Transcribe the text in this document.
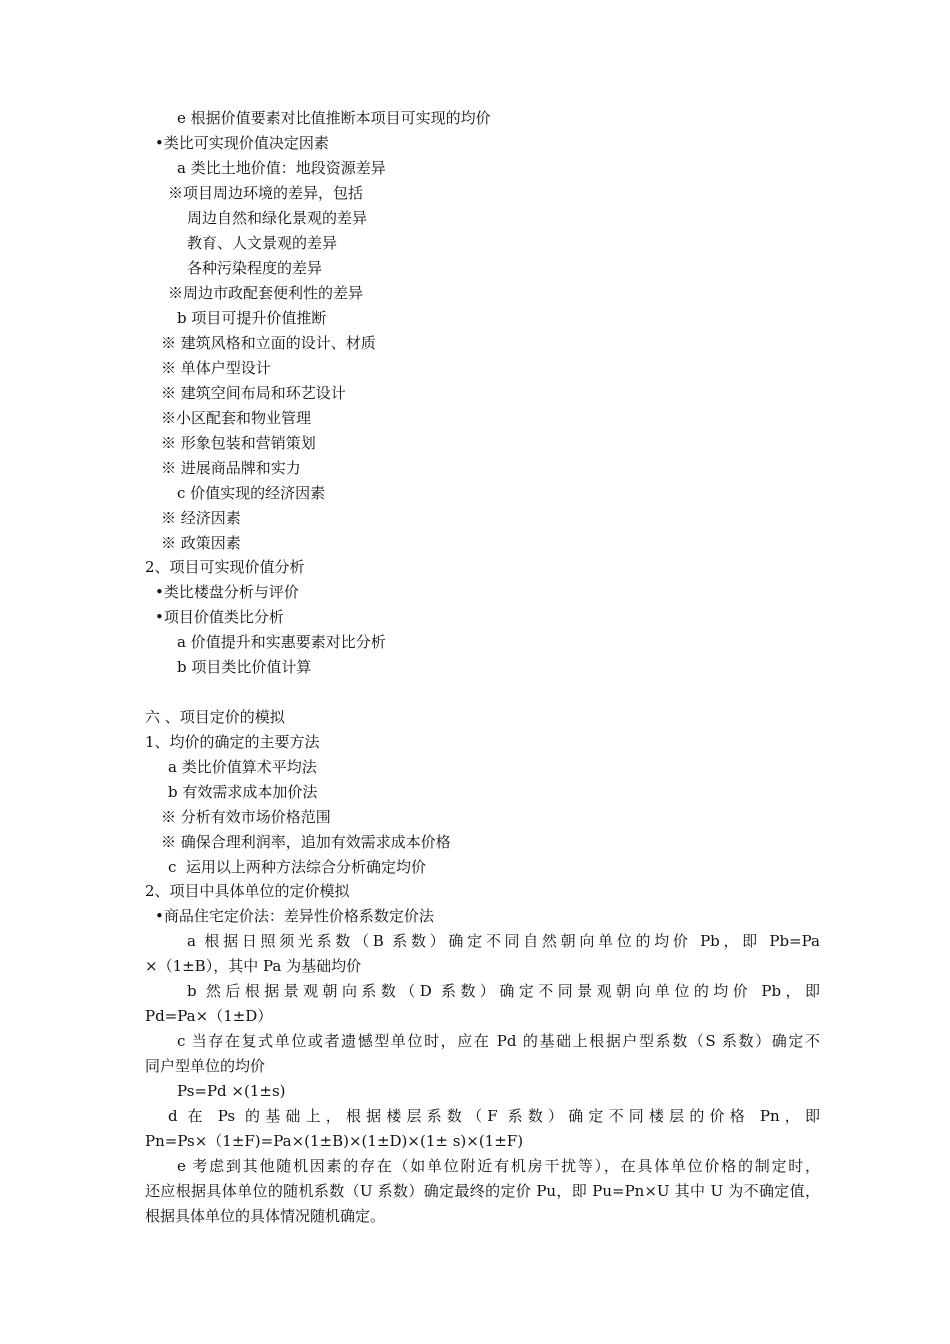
e 根据价值要素对比值推断本项目可实现的均价
•类比可实现价值决定因素
a 类比土地价值：地段资源差异
※项目周边环境的差异，包括
周边自然和绿化景观的差异
教育、人文景观的差异
各种污染程度的差异
※周边市政配套便利性的差异
b 项目可提升价值推断
※ 建筑风格和立面的设计、材质
※ 单体户型设计
※ 建筑空间布局和环艺设计
※小区配套和物业管理
※ 形象包装和营销策划
※ 进展商品牌和实力
c 价值实现的经济因素
※ 经济因素
※ 政策因素
2、项目可实现价值分析
•类比楼盘分析与评价
•项目价值类比分析
a 价值提升和实惠要素对比分析
b 项目类比价值计算
六 、项目定价的模拟
1、均价的确定的主要方法
a 类比价值算术平均法
b 有效需求成本加价法
※ 分析有效市场价格范围
※ 确保合理利润率，追加有效需求成本价格
c  运用以上两种方法综合分析确定均价
2、项目中具体单位的定价模拟
•商品住宅定价法：差异性价格系数定价法
a 根据日照须光系数（B 系数）确定不同自然朝向单位的均价 Pb，即 Pb=Pa
×（1±B），其中 Pa 为基础均价
b 然后根据景观朝向系数（D 系数）确定不同景观朝向单位的均价 Pb，即
Pd=Pa×（1±D）
c 当存在复式单位或者遗憾型单位时，应在 Pd 的基础上根据户型系数（S 系数）确定不
同户型单位的均价
Ps=Pd ×(1±s)
d 在 Ps 的基础上，根据楼层系数（F 系数）确定不同楼层的价格 Pn，即
Pn=Ps×（1±F)=Pa×(1±B)×(1±D)×(1± s)×(1±F)
e 考虑到其他随机因素的存在（如单位附近有机房干扰等），在具体单位价格的制定时，
还应根据具体单位的随机系数（U 系数）确定最终的定价 Pu，即 Pu=Pn×U 其中 U 为不确定值，
根据具体单位的具体情况随机确定。
